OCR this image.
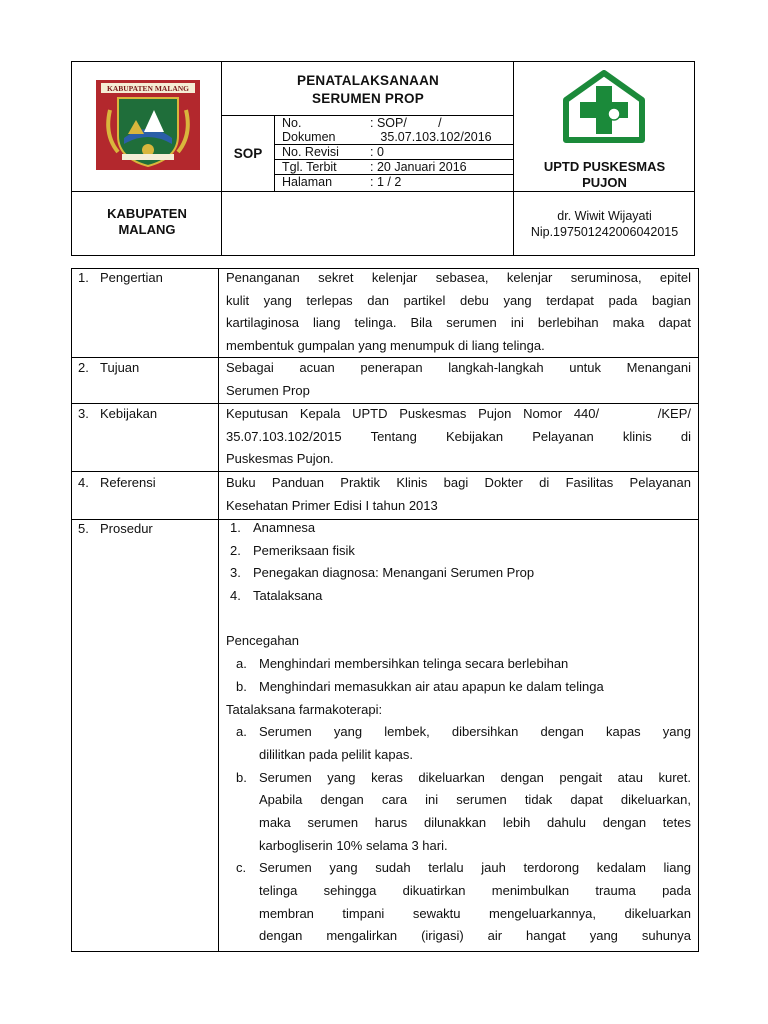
KABUPATEN MALANG
PENATALAKSANAAN
SERUMEN PROP
SOP
No.	: SOP/         /
Dokumen	35.07.103.102/2016
No. Revisi : 0
Tgl. Terbit	: 20 Januari 2016
Halaman	: 1 / 2
UPTD PUSKESMAS
PUJON
KABUPATEN
MALANG
dr. Wiwit Wijayati
Nip.197501242006042015
1. Pengertian	Penanganan sekret kelenjar sebasea, kelenjar seruminosa, epitel
kulit yang terlepas dan partikel debu yang terdapat pada bagian
kartilaginosa liang telinga. Bila serumen ini berlebihan maka dapat
membentuk gumpalan yang menumpuk di liang telinga.
2. Tujuan	Sebagai acuan penerapan langkah-langkah untuk Menangani
Serumen Prop
3. Kebijakan	Keputusan Kepala UPTD Puskesmas Pujon Nomor 440/     /KEP/
35.07.103.102/2015 Tentang Kebijakan Pelayanan klinis di
Puskesmas Pujon.
4. Referensi	Buku Panduan Praktik Klinis bagi Dokter di Fasilitas Pelayanan
Kesehatan Primer Edisi I tahun 2013
5. Prosedur	1. Anamnesa
2. Pemeriksaan fisik
3. Penegakan diagnosa: Menangani Serumen Prop
4. Tatalaksana
Pencegahan
a. Menghindari membersihkan telinga secara berlebihan
b. Menghindari memasukkan air atau apapun ke dalam telinga
Tatalaksana farmakoterapi:
a. Serumen yang lembek, dibersihkan dengan kapas yang
dililitkan pada pelilit kapas.
b. Serumen yang keras dikeluarkan dengan pengait atau kuret.
Apabila dengan cara ini serumen tidak dapat dikeluarkan,
maka serumen harus dilunakkan lebih dahulu dengan tetes
karbogliserin 10% selama 3 hari.
c. Serumen yang sudah terlalu jauh terdorong kedalam liang
telinga sehingga dikuatirkan menimbulkan trauma pada
membran timpani sewaktu mengeluarkannya, dikeluarkan
dengan mengalirkan (irigasi) air hangat yang suhunya
